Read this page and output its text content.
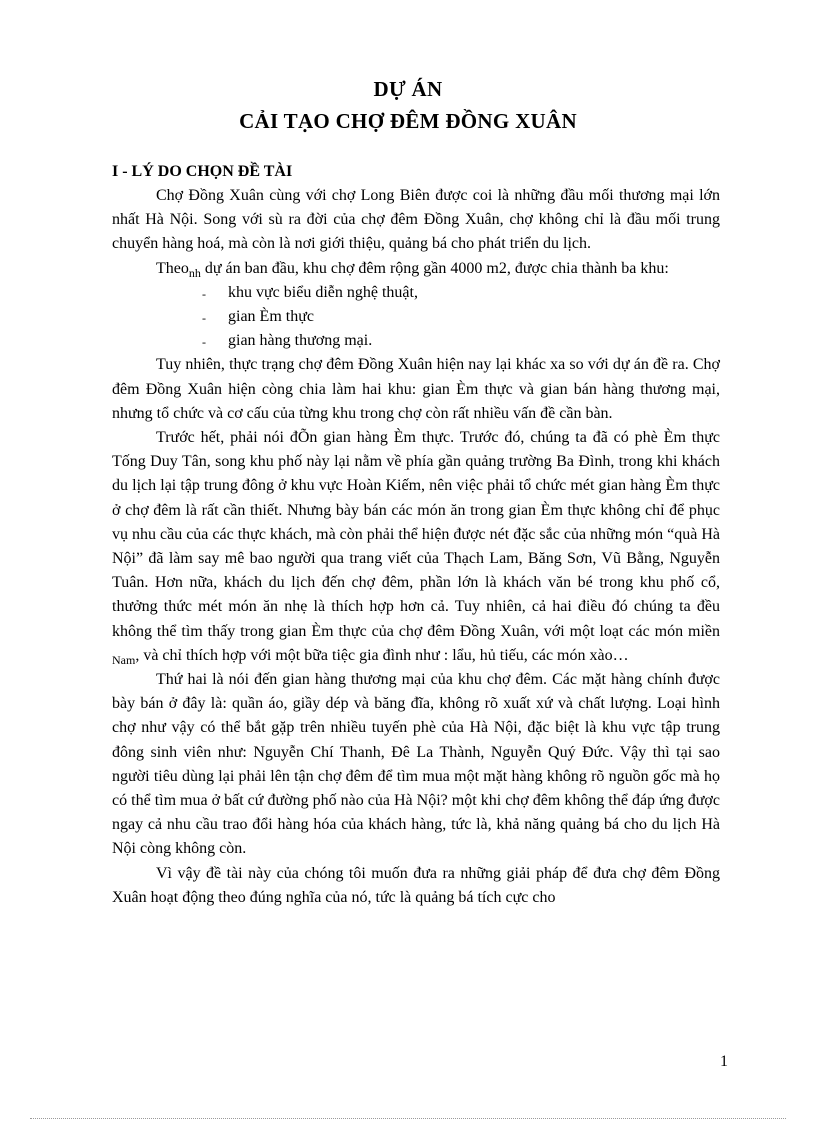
DỰ ÁN
CẢI TẠO CHỢ ĐÊM ĐỒNG XUÂN
I - LÝ DO CHỌN ĐỀ TÀI

Chợ Đồng Xuân cùng với chợ Long Biên được coi là những đầu mối thương mại lớn nhất Hà Nội. Song với sù ra đời của chợ đêm Đồng Xuân, chợ không chỉ là đầu mối trung chuyển hàng hoá, mà còn là nơi giới thiệu, quảng bá cho phát triển du lịch.

Theo$_{nh}$ dự án ban đầu, khu chợ đêm rộng gần 4000 m2, được chia thành ba khu:

- khu vực biểu diễn nghệ thuật,
- gian Èm thực
- gian hàng thương mại.

Tuy nhiên, thực trạng chợ đêm Đồng Xuân hiện nay lại khác xa so với dự án đề ra. Chợ đêm Đồng Xuân hiện còng chia làm hai khu: gian Èm thực và gian bán hàng thương mại, nhưng tổ chức và cơ cấu của từng khu trong chợ còn rất nhiều vấn đề cần bàn.

Trước hết, phải nói đÕn gian hàng Èm thực. Trước đó, chúng ta đã có phè Èm thực Tống Duy Tân, song khu phố này lại nằm về phía gần quảng trường Ba Đình, trong khi khách du lịch lại tập trung đông ở khu vực Hoàn Kiếm, nên việc phải tổ chức mét gian hàng Èm thực ở chợ đêm là rất cần thiết. Nhưng bày bán các món ăn trong gian Èm thực không chỉ để phục vụ nhu cầu của các thực khách, mà còn phải thể hiện được nét đặc sắc của những món “quà Hà Nội” đã làm say mê bao người qua trang viết của Thạch Lam, Băng Sơn, Vũ Bằng, Nguyễn Tuân. Hơn nữa, khách du lịch đến chợ đêm, phần lớn là khách văn bé trong khu phố cổ, thưởng thức mét món ăn nhẹ là thích hợp hơn cả. Tuy nhiên, cả hai điều đó chúng ta đều không thể tìm thấy trong gian Èm thực của chợ đêm Đồng Xuân, với một loạt các món miền $_{Nam}$, và chỉ thích hợp với một bữa tiệc gia đình như : lẩu, hủ tiếu, các món xào…

Thứ hai là nói đến gian hàng thương mại của khu chợ đêm. Các mặt hàng chính được bày bán ở đây là: quần áo, giầy dép và băng đĩa, không rõ xuất xứ và chất lượng. Loại hình chợ như vậy có thể bắt gặp trên nhiều tuyến phè của Hà Nội, đặc biệt là khu vực tập trung đông sinh viên như: Nguyễn Chí Thanh, Đê La Thành, Nguyễn Quý Đức. Vậy thì tại sao người tiêu dùng lại phải lên tận chợ đêm để tìm mua một mặt hàng không rõ nguồn gốc mà họ có thể tìm mua ở bất cứ đường phố nào của Hà Nội? một khi chợ đêm không thể đáp ứng được ngay cả nhu cầu trao đổi hàng hóa của khách hàng, tức là, khả năng quảng bá cho du lịch Hà Nội còng không còn.

Vì vậy đề tài này của chóng tôi muốn đưa ra những giải pháp để đưa chợ đêm Đồng Xuân hoạt động theo đúng nghĩa của nó, tức là quảng bá tích cực cho

1
